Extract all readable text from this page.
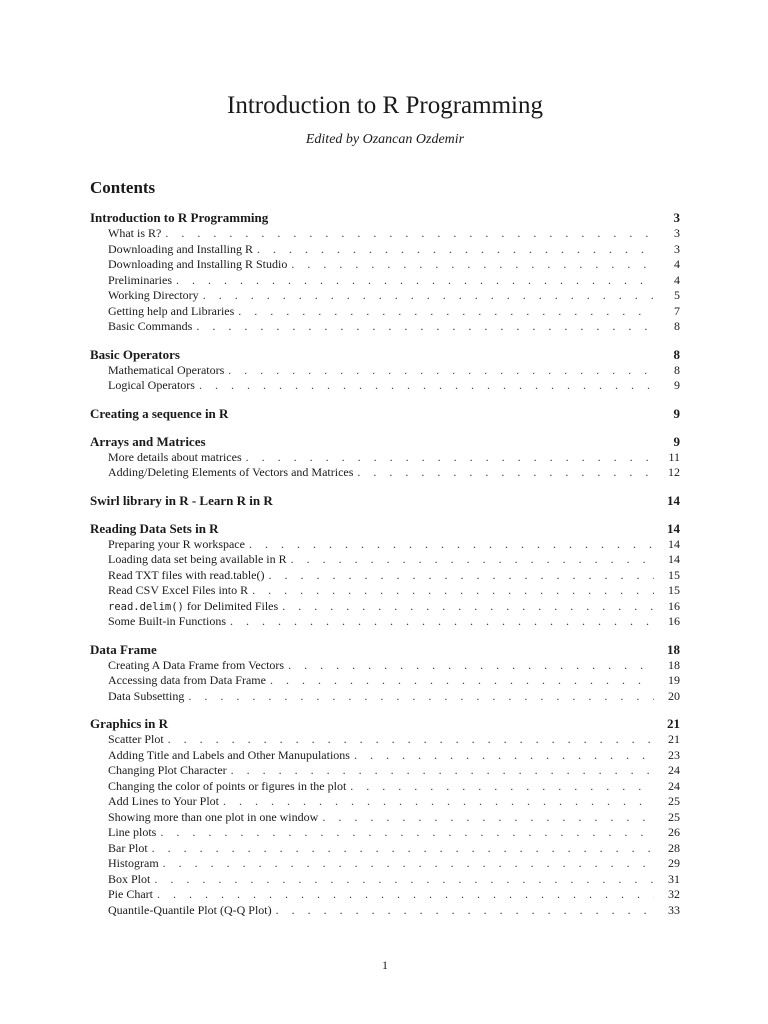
Introduction to R Programming
Edited by Ozancan Ozdemir
Contents
Introduction to R Programming	3
What is R? . . .	3
Downloading and Installing R . . .	3
Downloading and Installing R Studio . . .	4
Preliminaries . . .	4
Working Directory . . .	5
Getting help and Libraries . . .	7
Basic Commands . . .	8
Basic Operators	8
Mathematical Operators . . .	8
Logical Operators . . .	9
Creating a sequence in R	9
Arrays and Matrices	9
More details about matrices . . .	11
Adding/Deleting Elements of Vectors and Matrices . . .	12
Swirl library in R - Learn R in R	14
Reading Data Sets in R	14
Preparing your R workspace . . .	14
Loading data set being available in R . . .	14
Read TXT files with read.table() . . .	15
Read CSV Excel Files into R . . .	15
read.delim() for Delimited Files . . .	16
Some Built-in Functions . . .	16
Data Frame	18
Creating A Data Frame from Vectors . . .	18
Accessing data from Data Frame . . .	19
Data Subsetting . . .	20
Graphics in R	21
Scatter Plot . . .	21
Adding Title and Labels and Other Manupulations . . .	23
Changing Plot Character . . .	24
Changing the color of points or figures in the plot . . .	24
Add Lines to Your Plot . . .	25
Showing more than one plot in one window . . .	25
Line plots . . .	26
Bar Plot . . .	28
Histogram . . .	29
Box Plot . . .	31
Pie Chart . . .	32
Quantile-Quantile Plot (Q-Q Plot) . . .	33
1
